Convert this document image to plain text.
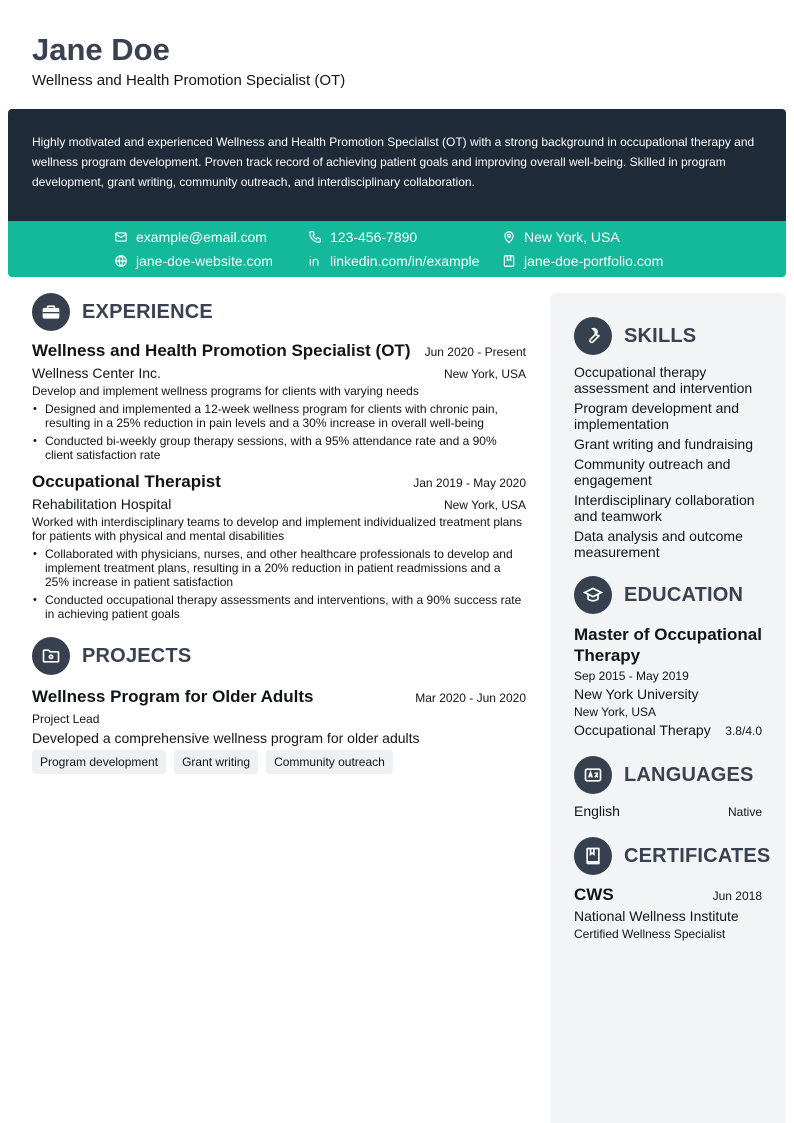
Jane Doe
Wellness and Health Promotion Specialist (OT)

Highly motivated and experienced Wellness and Health Promotion Specialist (OT) with a strong background in occupational therapy and wellness program development. Proven track record of achieving patient goals and improving overall well-being. Skilled in program development, grant writing, community outreach, and interdisciplinary collaboration.

example@email.com	123-456-7890	New York, USA
jane-doe-website.com	linkedin.com/in/example	jane-doe-portfolio.com
EXPERIENCE
Wellness and Health Promotion Specialist (OT) Jun 2020 - Present
Wellness Center Inc.	New York, USA
Develop and implement wellness programs for clients with varying needs
• Designed and implemented a 12-week wellness program for clients with chronic pain, resulting in a 25% reduction in pain levels and a 30% increase in overall well-being
• Conducted bi-weekly group therapy sessions, with a 95% attendance rate and a 90% client satisfaction rate
Occupational Therapist	Jan 2019 - May 2020
Rehabilitation Hospital	New York, USA
Worked with interdisciplinary teams to develop and implement individualized treatment plans for patients with physical and mental disabilities
• Collaborated with physicians, nurses, and other healthcare professionals to develop and implement treatment plans, resulting in a 20% reduction in patient readmissions and a 25% increase in patient satisfaction
• Conducted occupational therapy assessments and interventions, with a 90% success rate in achieving patient goals
PROJECTS
Wellness Program for Older Adults	Mar 2020 - Jun 2020
Project Lead
Developed a comprehensive wellness program for older adults
Program development	Grant writing	Community outreach
SKILLS
Occupational therapy assessment and intervention
Program development and implementation
Grant writing and fundraising
Community outreach and engagement
Interdisciplinary collaboration and teamwork
Data analysis and outcome measurement
EDUCATION
Master of Occupational Therapy
Sep 2015 - May 2019
New York University
New York, USA
Occupational Therapy 3.8/4.0
LANGUAGES
English	Native
CERTIFICATES
CWS	Jun 2018
National Wellness Institute
Certified Wellness Specialist
